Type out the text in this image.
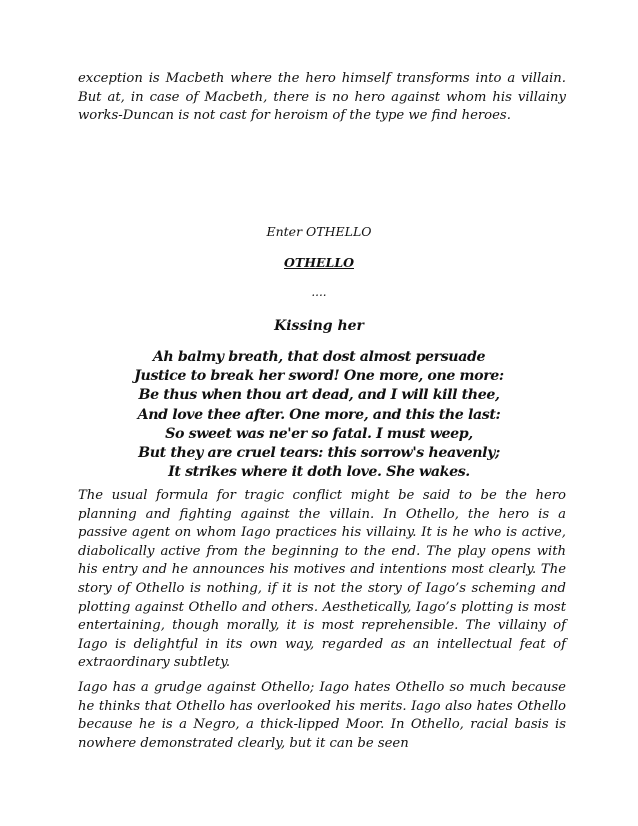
exception is Macbeth where the hero himself transforms into a villain. But at, in case of Macbeth, there is no hero against whom his villainy works-Duncan is not cast for heroism of the type we find heroes.

Enter OTHELLO

OTHELLO

....

Kissing her

Ah balmy breath, that dost almost persuade
Justice to break her sword! One more, one more:
Be thus when thou art dead, and I will kill thee,
And love thee after. One more, and this the last:
So sweet was ne'er so fatal. I must weep,
But they are cruel tears: this sorrow's heavenly;
It strikes where it doth love. She wakes.

The usual formula for tragic conflict might be said to be the hero planning and fighting against the villain. In Othello, the hero is a passive agent on whom Iago practices his villainy. It is he who is active, diabolically active from the beginning to the end. The play opens with his entry and he announces his motives and intentions most clearly. The story of Othello is nothing, if it is not the story of Iago’s scheming and plotting against Othello and others. Aesthetically, Iago’s plotting is most entertaining, though morally, it is most reprehensible. The villainy of Iago is delightful in its own way, regarded as an intellectual feat of extraordinary subtlety.

Iago has a grudge against Othello; Iago hates Othello so much because he thinks that Othello has overlooked his merits. Iago also hates Othello because he is a Negro, a thick-lipped Moor. In Othello, racial basis is nowhere demonstrated clearly, but it can be seen
